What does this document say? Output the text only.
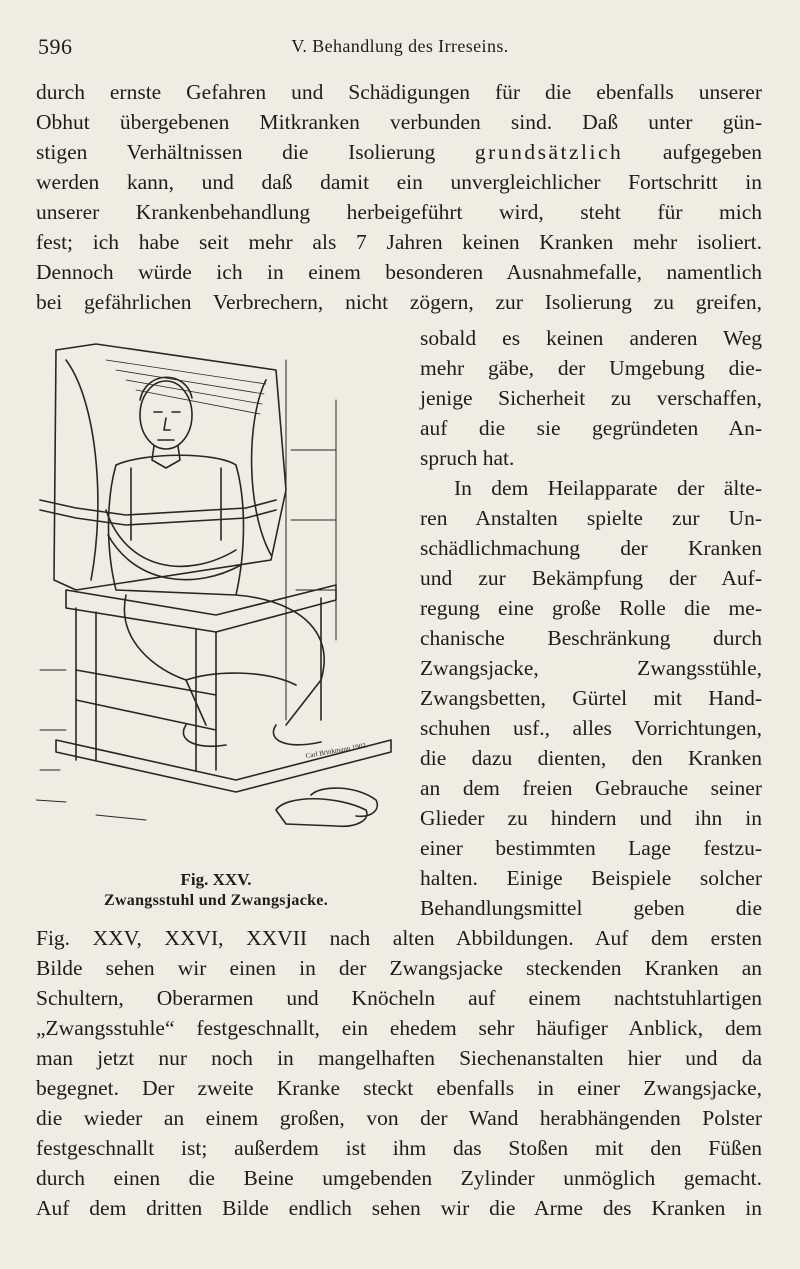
596	V. Behandlung des Irreseins.
durch ernste Gefahren und Schädigungen für die ebenfalls unserer
Obhut übergebenen Mitkranken verbunden sind. Daß unter gün-
stigen Verhältnissen die Isolierung grundsätzlich aufgegeben
werden kann, und daß damit ein unvergleichlicher Fortschritt in
unserer Krankenbehandlung herbeigeführt wird, steht für mich
fest; ich habe seit mehr als 7 Jahren keinen Kranken mehr isoliert.
Dennoch würde ich in einem besonderen Ausnahmefalle, namentlich
bei gefährlichen Verbrechern, nicht zögern, zur Isolierung zu greifen,
Carl Brinkmann 1902.
Fig. XXV.
Zwangsstuhl und Zwangsjacke.
sobald es keinen anderen Weg
mehr gäbe, der Umgebung die-
jenige Sicherheit zu verschaffen,
auf die sie gegründeten An-
spruch hat.
In dem Heilapparate der älte-
ren Anstalten spielte zur Un-
schädlichmachung der Kranken
und zur Bekämpfung der Auf-
regung eine große Rolle die me-
chanische Beschränkung durch
Zwangsjacke, Zwangsstühle,
Zwangsbetten, Gürtel mit Hand-
schuhen usf., alles Vorrichtungen,
die dazu dienten, den Kranken
an dem freien Gebrauche seiner
Glieder zu hindern und ihn in
einer bestimmten Lage festzu-
halten. Einige Beispiele solcher
Behandlungsmittel geben die
Fig. XXV, XXVI, XXVII nach alten Abbildungen. Auf dem ersten
Bilde sehen wir einen in der Zwangsjacke steckenden Kranken an
Schultern, Oberarmen und Knöcheln auf einem nachtstuhlartigen
„Zwangsstuhle“ festgeschnallt, ein ehedem sehr häufiger Anblick, dem
man jetzt nur noch in mangelhaften Siechenanstalten hier und da
begegnet. Der zweite Kranke steckt ebenfalls in einer Zwangsjacke,
die wieder an einem großen, von der Wand herabhängenden Polster
festgeschnallt ist; außerdem ist ihm das Stoßen mit den Füßen
durch einen die Beine umgebenden Zylinder unmöglich gemacht.
Auf dem dritten Bilde endlich sehen wir die Arme des Kranken in
